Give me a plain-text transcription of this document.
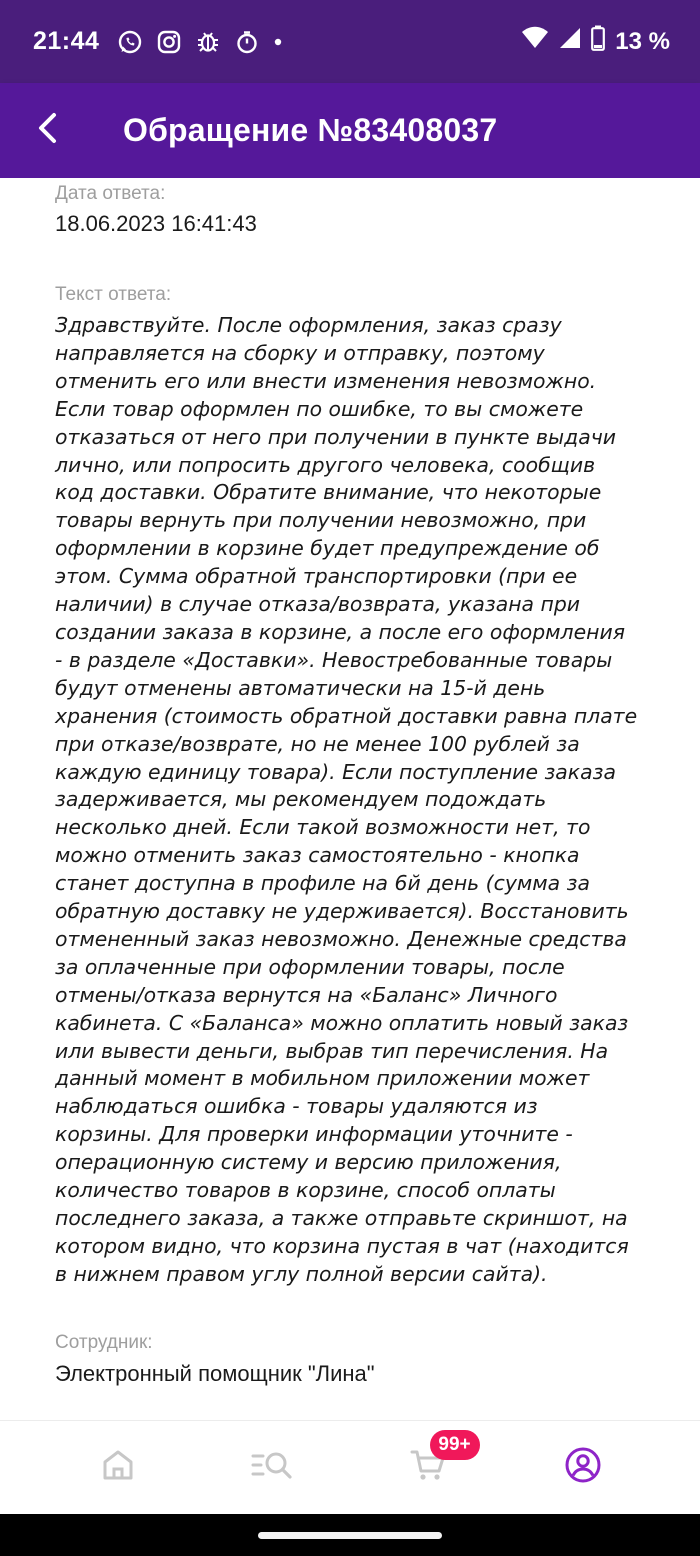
21:44	13 %
Обращение №83408037
Дата ответа:
18.06.2023 16:41:43
Текст ответа:
Здравствуйте. После оформления, заказ сразу
направляется на сборку и отправку, поэтому
отменить его или внести изменения невозможно.
Если товар оформлен по ошибке, то вы сможете
отказаться от него при получении в пункте выдачи
лично, или попросить другого человека, сообщив
код доставки. Обратите внимание, что некоторые
товары вернуть при получении невозможно, при
оформлении в корзине будет предупреждение об
этом. Сумма обратной транспортировки (при ее
наличии) в случае отказа/возврата, указана при
создании заказа в корзине, а после его оформления
- в разделе «Доставки». Невостребованные товары
будут отменены автоматически на 15-й день
хранения (стоимость обратной доставки равна плате
при отказе/возврате, но не менее 100 рублей за
каждую единицу товара). Если поступление заказа
задерживается, мы рекомендуем подождать
несколько дней. Если такой возможности нет, то
можно отменить заказ самостоятельно - кнопка
станет доступна в профиле на 6й день (сумма за
обратную доставку не удерживается). Восстановить
отмененный заказ невозможно. Денежные средства
за оплаченные при оформлении товары, после
отмены/отказа вернутся на «Баланс» Личного
кабинета. С «Баланса» можно оплатить новый заказ
или вывести деньги, выбрав тип перечисления. На
данный момент в мобильном приложении может
наблюдаться ошибка - товары удаляются из
корзины. Для проверки информации уточните -
операционную систему и версию приложения,
количество товаров в корзине, способ оплаты
последнего заказа, а также отправьте скриншот, на
котором видно, что корзина пустая в чат (находится
в нижнем правом углу полной версии сайта).
Сотрудник:
Электронный помощник "Лина"
99+
